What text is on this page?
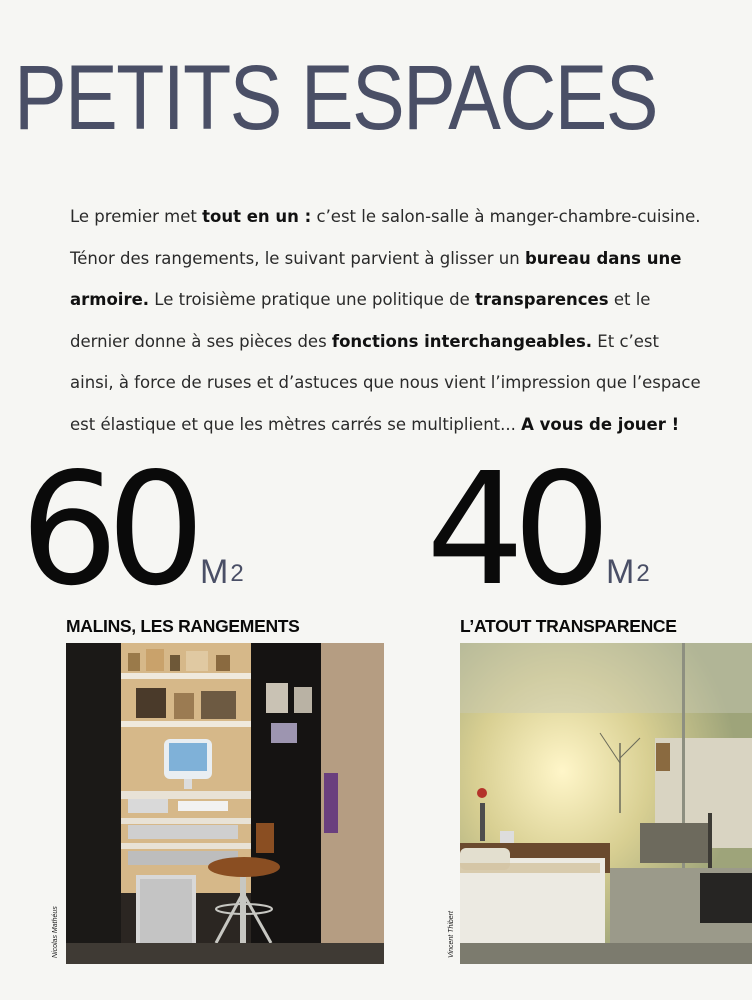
PETITS ESPACES

Le premier met tout en un : c’est le salon-salle à manger-chambre-cuisine.

Ténor des rangements, le suivant parvient à glisser un bureau dans une

armoire. Le troisième pratique une politique de transparences et le

dernier donne à ses pièces des fonctions interchangeables. Et c’est

ainsi, à force de ruses et d’astuces que nous vient l’impression que l’espace

est élastique et que les mètres carrés se multiplient... A vous de jouer !

60 M2
MALINS, LES RANGEMENTS
Nicolas Mathéus
40 M2
L’ATOUT TRANSPARENCE
Vincent Thibert
